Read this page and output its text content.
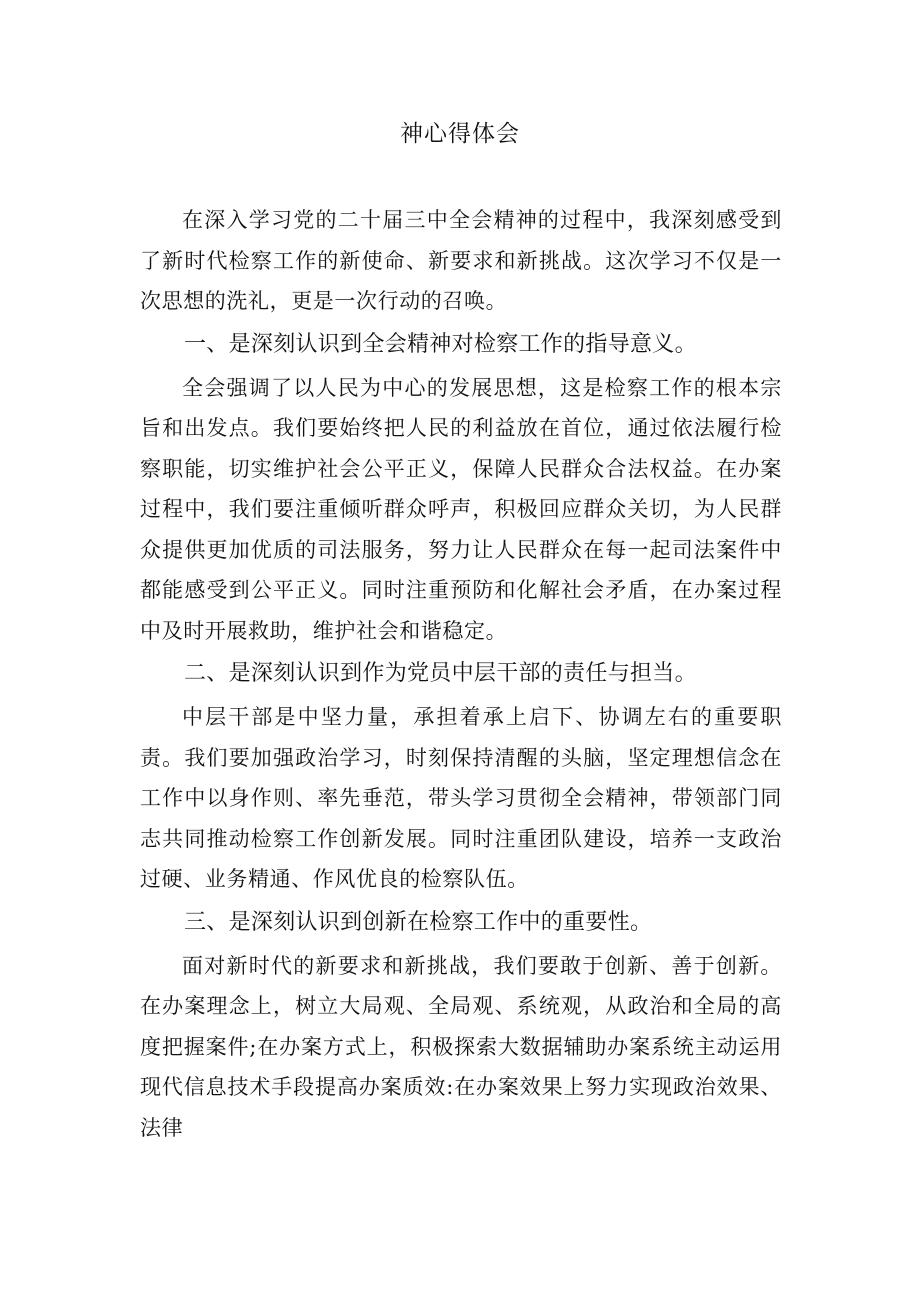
神心得体会

在深入学习党的二十届三中全会精神的过程中，我深刻感受到了新时代检察工作的新使命、新要求和新挑战。这次学习不仅是一次思想的洗礼，更是一次行动的召唤。

一、是深刻认识到全会精神对检察工作的指导意义。

全会强调了以人民为中心的发展思想，这是检察工作的根本宗旨和出发点。我们要始终把人民的利益放在首位，通过依法履行检察职能，切实维护社会公平正义，保障人民群众合法权益。在办案过程中，我们要注重倾听群众呼声，积极回应群众关切，为人民群众提供更加优质的司法服务，努力让人民群众在每一起司法案件中都能感受到公平正义。同时注重预防和化解社会矛盾，在办案过程中及时开展救助，维护社会和谐稳定。

二、是深刻认识到作为党员中层干部的责任与担当。

中层干部是中坚力量，承担着承上启下、协调左右的重要职责。我们要加强政治学习，时刻保持清醒的头脑，坚定理想信念在工作中以身作则、率先垂范，带头学习贯彻全会精神，带领部门同志共同推动检察工作创新发展。同时注重团队建设，培养一支政治过硬、业务精通、作风优良的检察队伍。

三、是深刻认识到创新在检察工作中的重要性。

面对新时代的新要求和新挑战，我们要敢于创新、善于创新。在办案理念上，树立大局观、全局观、系统观，从政治和全局的高度把握案件;在办案方式上，积极探索大数据辅助办案系统主动运用现代信息技术手段提高办案质效:在办案效果上努力实现政治效果、法律
